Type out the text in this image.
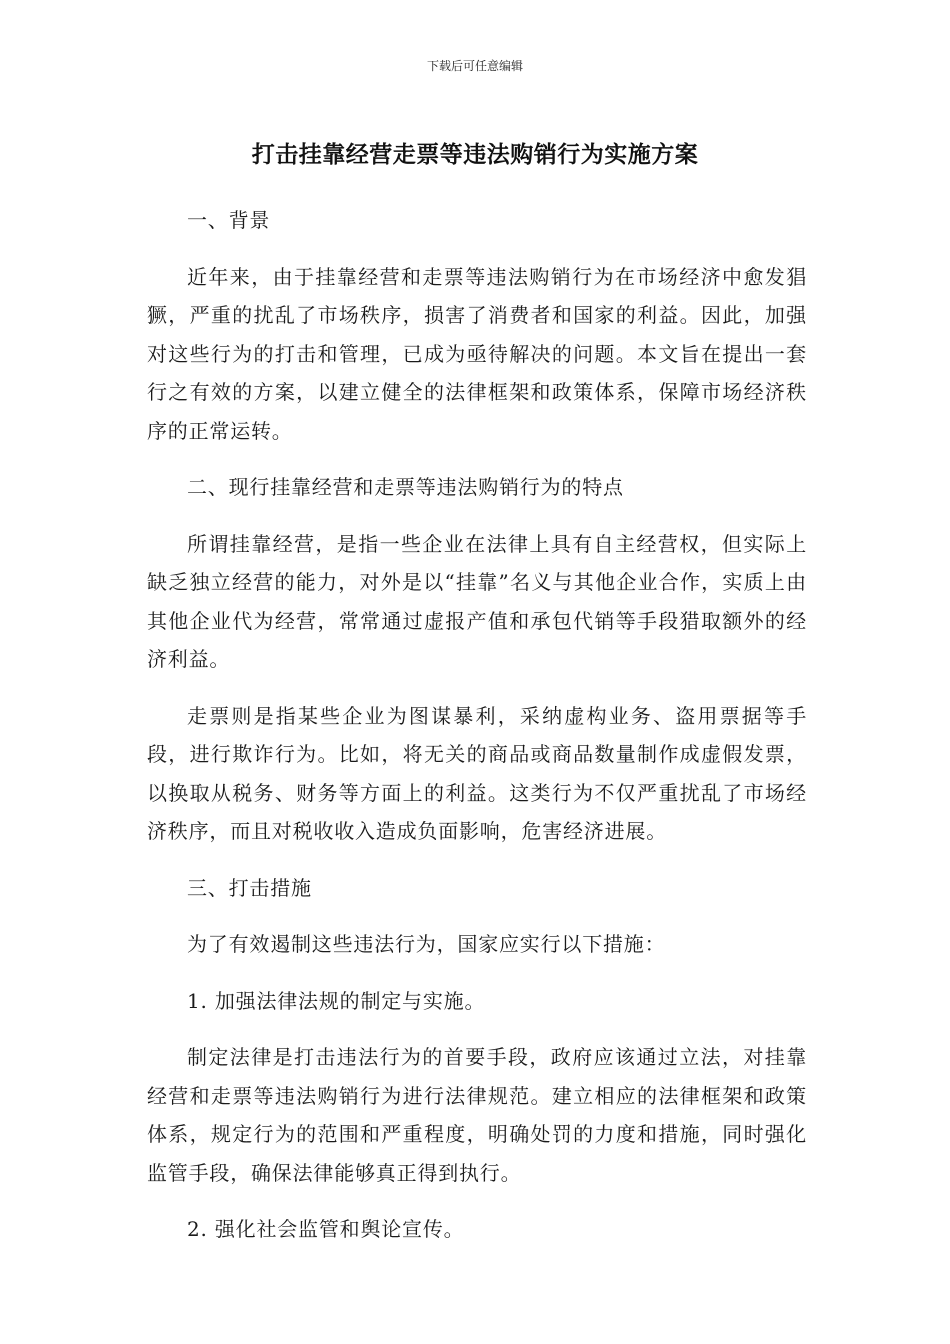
下载后可任意编辑
打击挂靠经营走票等违法购销行为实施方案

一、背景

近年来，由于挂靠经营和走票等违法购销行为在市场经济中愈发猖獗，严重的扰乱了市场秩序，损害了消费者和国家的利益。因此，加强对这些行为的打击和管理，已成为亟待解决的问题。本文旨在提出一套行之有效的方案，以建立健全的法律框架和政策体系，保障市场经济秩序的正常运转。

二、现行挂靠经营和走票等违法购销行为的特点

所谓挂靠经营，是指一些企业在法律上具有自主经营权，但实际上缺乏独立经营的能力，对外是以“挂靠”名义与其他企业合作，实质上由其他企业代为经营，常常通过虚报产值和承包代销等手段猎取额外的经济利益。

走票则是指某些企业为图谋暴利，采纳虚构业务、盗用票据等手段，进行欺诈行为。比如，将无关的商品或商品数量制作成虚假发票，以换取从税务、财务等方面上的利益。这类行为不仅严重扰乱了市场经济秩序，而且对税收收入造成负面影响，危害经济进展。

三、打击措施

为了有效遏制这些违法行为，国家应实行以下措施：

1. 加强法律法规的制定与实施。

制定法律是打击违法行为的首要手段，政府应该通过立法，对挂靠经营和走票等违法购销行为进行法律规范。建立相应的法律框架和政策体系，规定行为的范围和严重程度，明确处罚的力度和措施，同时强化监管手段，确保法律能够真正得到执行。

2. 强化社会监管和舆论宣传。
